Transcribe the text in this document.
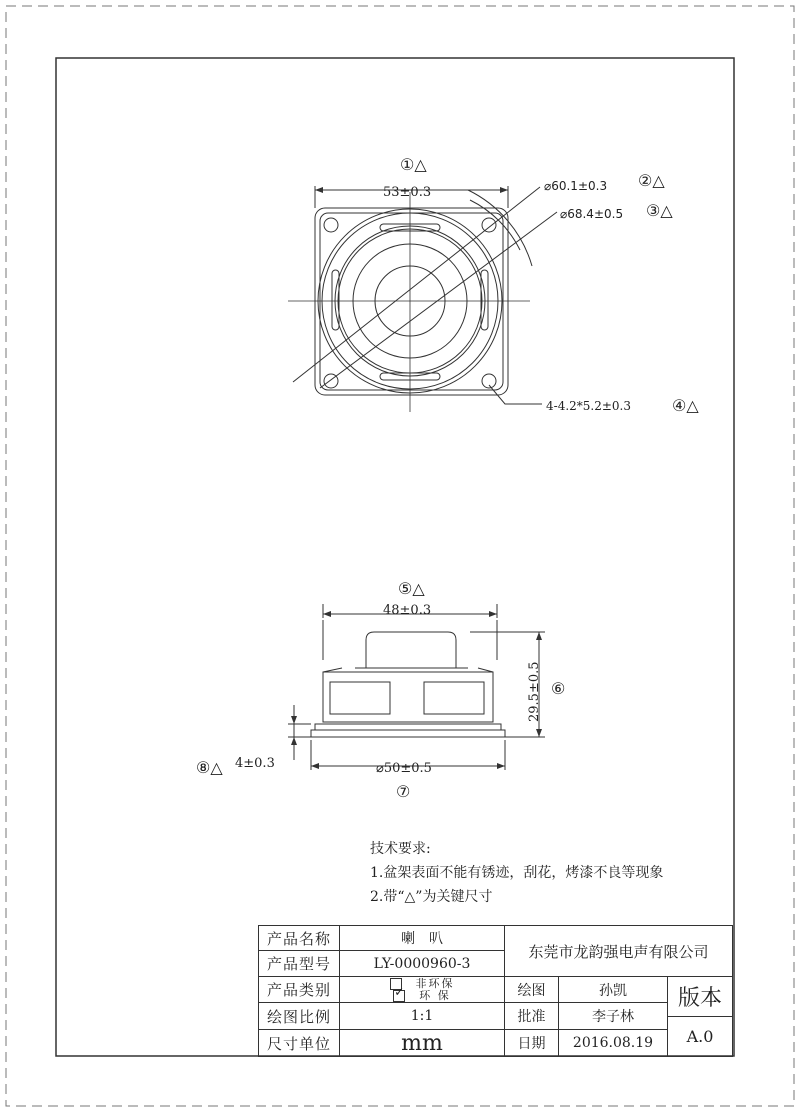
①△
53±0.3	⌀60.1±0.3 ②△
⌀68.4±0.5 ③△
4-4.2*5.2±0.3	④△
⑤△
48±0.3
29.5±0.5 ⑥
⌀50±0.5
⑦
4±0.3
⑧△
技术要求:
1.盆架表面不能有锈迹，刮花，烤漆不良等现象
2.带“△”为关键尺寸
产品名称	喇　叭
产品型号	LY-0000960-3
产品类别	非环保
✓
环 保
绘图比例	1:1
尺寸单位	mm
东莞市龙韵强电声有限公司
绘图	孙凯
批准	李子林
日期	2016.08.19
版本
A.0
